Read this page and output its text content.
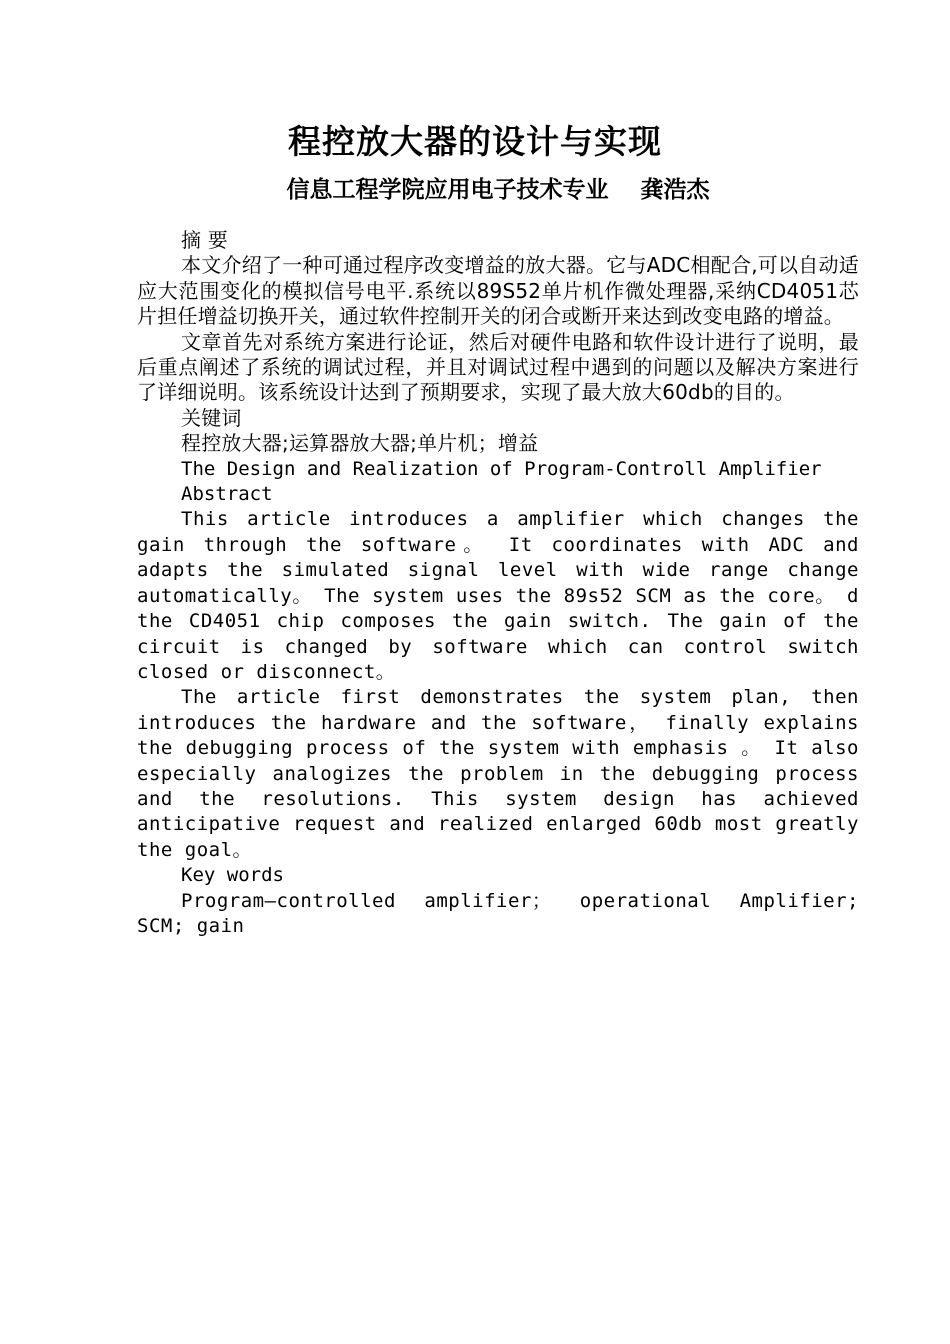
程控放大器的设计与实现
信息工程学院应用电子技术专业    龚浩杰

摘 要

本文介绍了一种可通过程序改变增益的放大器。它与ADC相配合,可以自动适应大范围变化的模拟信号电平.系统以89S52单片机作微处理器,采纳CD4051芯片担任增益切换开关，通过软件控制开关的闭合或断开来达到改变电路的增益。

文章首先对系统方案进行论证，然后对硬件电路和软件设计进行了说明，最后重点阐述了系统的调试过程，并且对调试过程中遇到的问题以及解决方案进行了详细说明。该系统设计达到了预期要求，实现了最大放大60db的目的。

关键词

程控放大器;运算器放大器;单片机；增益

The Design and Realization of Program-Controll Amplifier

Abstract

This article introduces a amplifier which changes the gain through the software。 It coordinates with ADC and adapts the simulated signal level with wide range change automatically。 The system uses the 89s52 SCM as the core。 d the CD4051 chip composes the gain switch. The gain of the circuit is changed by software which can control switch closed or disconnect。

The article first demonstrates the system plan, then introduces the hardware and the software， finally explains the debugging process of the system with emphasis 。 It also especially analogizes the problem in the debugging process and the resolutions. This system design has achieved anticipative request and realized enlarged 60db most greatly the goal。

Key words

Program—controlled amplifier； operational Amplifier; SCM; gain
